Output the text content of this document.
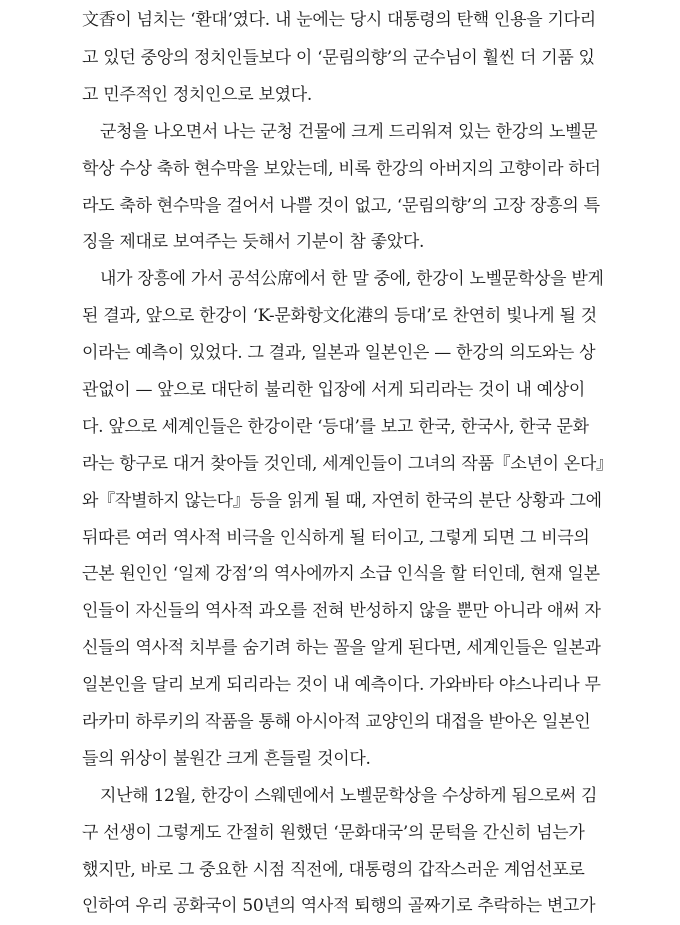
文香이 넘치는 ‘환대’였다. 내 눈에는 당시 대통령의 탄핵 인용을 기다리
고 있던 중앙의 정치인들보다 이 ‘문림의향’의 군수님이 훨씬 더 기품 있
고 민주적인 정치인으로 보였다.
군청을 나오면서 나는 군청 건물에 크게 드리워져 있는 한강의 노벨문
학상 수상 축하 현수막을 보았는데, 비록 한강의 아버지의 고향이라 하더
라도 축하 현수막을 걸어서 나쁠 것이 없고, ‘문림의향’의 고장 장흥의 특
징을 제대로 보여주는 듯해서 기분이 참 좋았다.
내가 장흥에 가서 공석公席에서 한 말 중에, 한강이 노벨문학상을 받게
된 결과, 앞으로 한강이 ‘K-문화항文化港의 등대’로 찬연히 빛나게 될 것
이라는 예측이 있었다. 그 결과, 일본과 일본인은 — 한강의 의도와는 상
관없이 — 앞으로 대단히 불리한 입장에 서게 되리라는 것이 내 예상이
다. 앞으로 세계인들은 한강이란 ‘등대’를 보고 한국, 한국사, 한국 문화
라는 항구로 대거 찾아들 것인데, 세계인들이 그녀의 작품『소년이 온다』
와『작별하지 않는다』등을 읽게 될 때, 자연히 한국의 분단 상황과 그에
뒤따른 여러 역사적 비극을 인식하게 될 터이고, 그렇게 되면 그 비극의
근본 원인인 ‘일제 강점’의 역사에까지 소급 인식을 할 터인데, 현재 일본
인들이 자신들의 역사적 과오를 전혀 반성하지 않을 뿐만 아니라 애써 자
신들의 역사적 치부를 숨기려 하는 꼴을 알게 된다면, 세계인들은 일본과
일본인을 달리 보게 되리라는 것이 내 예측이다. 가와바타 야스나리나 무
라카미 하루키의 작품을 통해 아시아적 교양인의 대접을 받아온 일본인
들의 위상이 불원간 크게 흔들릴 것이다.
지난해 12월, 한강이 스웨덴에서 노벨문학상을 수상하게 됨으로써 김
구 선생이 그렇게도 간절히 원했던 ‘문화대국’의 문턱을 간신히 넘는가
했지만, 바로 그 중요한 시점 직전에, 대통령의 갑작스러운 계엄선포로
인하여 우리 공화국이 50년의 역사적 퇴행의 골짜기로 추락하는 변고가
